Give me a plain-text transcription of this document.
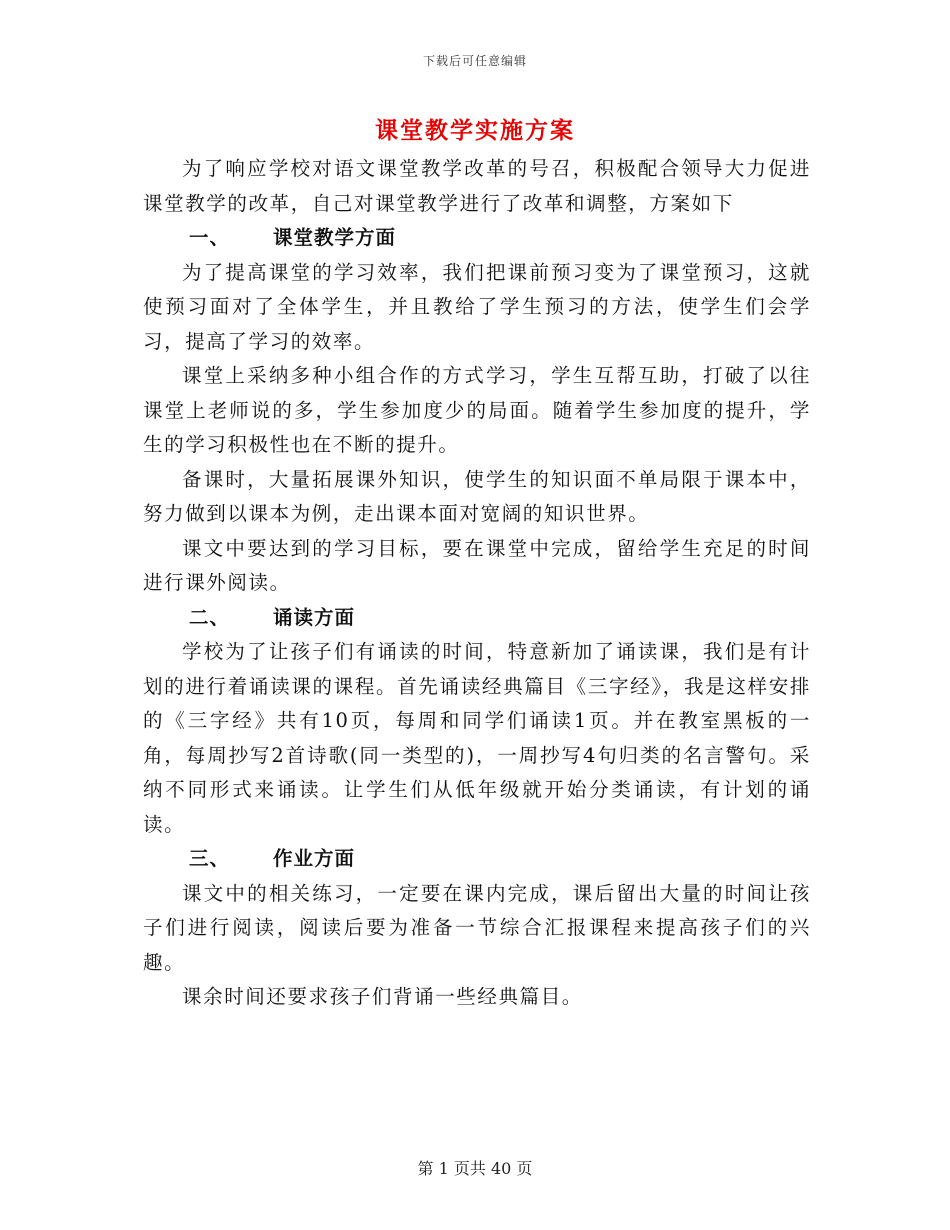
下载后可任意编辑
课堂教学实施方案

为了响应学校对语文课堂教学改革的号召，积极配合领导大力促进课堂教学的改革，自己对课堂教学进行了改革和调整，方案如下

一、 课堂教学方面

为了提高课堂的学习效率，我们把课前预习变为了课堂预习，这就使预习面对了全体学生，并且教给了学生预习的方法，使学生们会学习，提高了学习的效率。

课堂上采纳多种小组合作的方式学习，学生互帮互助，打破了以往课堂上老师说的多，学生参加度少的局面。随着学生参加度的提升，学生的学习积极性也在不断的提升。

备课时，大量拓展课外知识，使学生的知识面不单局限于课本中，努力做到以课本为例，走出课本面对宽阔的知识世界。

课文中要达到的学习目标，要在课堂中完成，留给学生充足的时间进行课外阅读。

二、 诵读方面

学校为了让孩子们有诵读的时间，特意新加了诵读课，我们是有计划的进行着诵读课的课程。首先诵读经典篇目《三字经》，我是这样安排的《三字经》共有10页，每周和同学们诵读1页。并在教室黑板的一角，每周抄写2首诗歌(同一类型的)，一周抄写4句归类的名言警句。采纳不同形式来诵读。让学生们从低年级就开始分类诵读，有计划的诵读。

三、 作业方面

课文中的相关练习，一定要在课内完成，课后留出大量的时间让孩子们进行阅读，阅读后要为准备一节综合汇报课程来提高孩子们的兴趣。

课余时间还要求孩子们背诵一些经典篇目。

第 1 页共 40 页
